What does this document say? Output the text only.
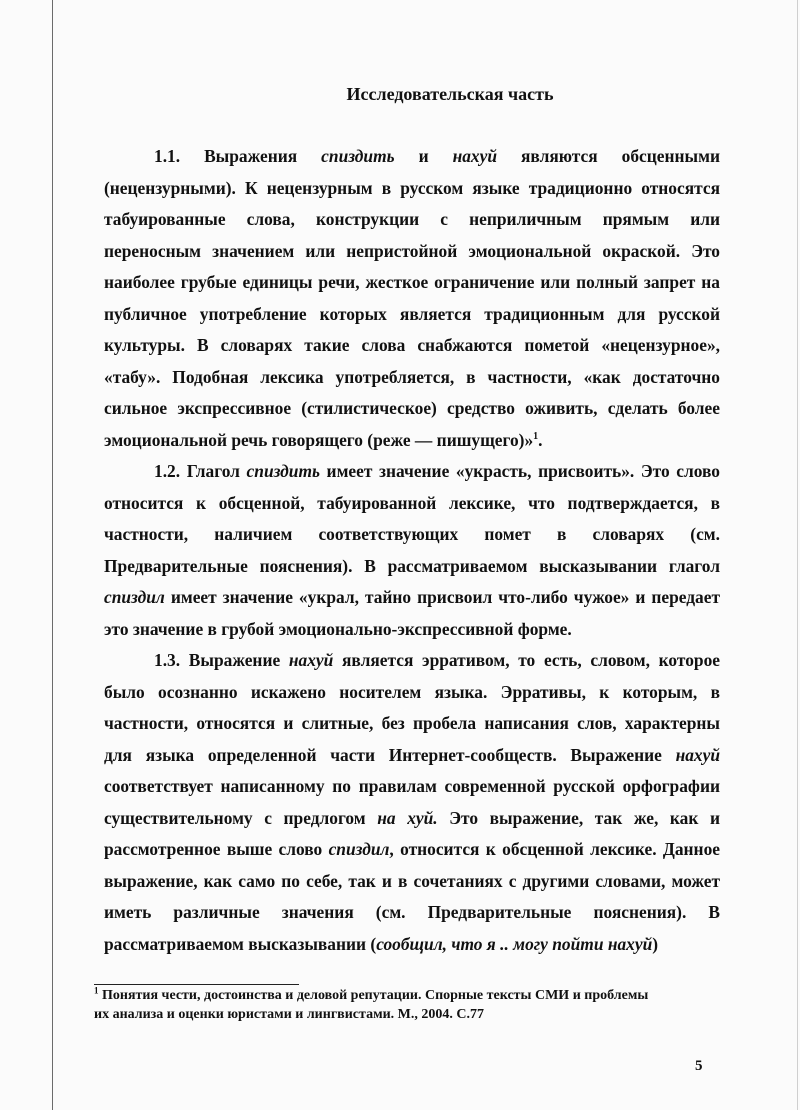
Исследовательская часть

1.1. Выражения спиздить и нахуй являются обсценными (нецензурными). К нецензурным в русском языке традиционно относятся табуированные слова, конструкции с неприличным прямым или переносным значением или непристойной эмоциональной окраской. Это наиболее грубые единицы речи, жесткое ограничение или полный запрет на публичное употребление которых является традиционным для русской культуры. В словарях такие слова снабжаются пометой «нецензурное», «табу». Подобная лексика употребляется, в частности, «как достаточно сильное экспрессивное (стилистическое) средство оживить, сделать более эмоциональной речь говорящего (реже — пишущего)»$^1$.

1.2. Глагол спиздить имеет значение «украсть, присвоить». Это слово относится к обсценной, табуированной лексике, что подтверждается, в частности, наличием соответствующих помет в словарях (см. Предварительные пояснения). В рассматриваемом высказывании глагол спиздил имеет значение «украл, тайно присвоил что-либо чужое» и передает это значение в грубой эмоционально-экспрессивной форме.

1.3. Выражение нахуй является эрративом, то есть, словом, которое было осознанно искажено носителем языка. Эрративы, к которым, в частности, относятся и слитные, без пробела написания слов, характерны для языка определенной части Интернет-сообществ. Выражение нахуй соответствует написанному по правилам современной русской орфографии существительному с предлогом на хуй. Это выражение, так же, как и рассмотренное выше слово спиздил, относится к обсценной лексике. Данное выражение, как само по себе, так и в сочетаниях с другими словами, может иметь различные значения (см. Предварительные пояснения). В рассматриваемом высказывании (сообщил, что я .. могу пойти нахуй)

$^1$ Понятия чести, достоинства и деловой репутации. Спорные тексты СМИ и проблемы их анализа и оценки юристами и лингвистами. М., 2004. С.77

5
